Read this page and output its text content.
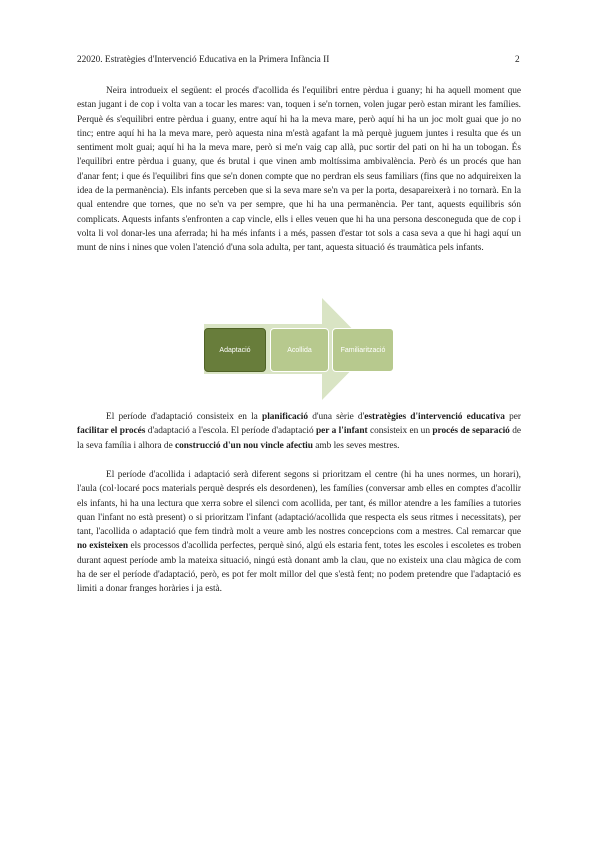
22020. Estratègies d'Intervenció Educativa en la Primera Infància II	2

Neira introdueix el següent: el procés d'acollida és l'equilibri entre pèrdua i guany; hi ha aquell moment que estan jugant i de cop i volta van a tocar les mares: van, toquen i se'n tornen, volen jugar però estan mirant les famílies. Perquè és s'equilibri entre pèrdua i guany, entre aquí hi ha la meva mare, però aquí hi ha un joc molt guai que jo no tinc; entre aquí hi ha la meva mare, però aquesta nina m'està agafant la mà perquè juguem juntes i resulta que és un sentiment molt guai; aquí hi ha la meva mare, però si me'n vaig cap allà, puc sortir del pati on hi ha un tobogan. És l'equilibri entre pèrdua i guany, que és brutal i que vinen amb moltíssima ambivalència. Però és un procés que han d'anar fent; i que és l'equilibri fins que se'n donen compte que no perdran els seus familiars (fins que no adquireixen la idea de la permanència). Els infants perceben que si la seva mare se'n va per la porta, desapareixerà i no tornarà. En la qual entendre que tornes, que no se'n va per sempre, que hi ha una permanència. Per tant, aquests equilibris són complicats. Aquests infants s'enfronten a cap vincle, ells i elles veuen que hi ha una persona desconeguda que de cop i volta li vol donar-les una aferrada; hi ha més infants i a més, passen d'estar tot sols a casa seva a que hi hagi aquí un munt de nins i nines que volen l'atenció d'una sola adulta, per tant, aquesta situació és traumàtica pels infants.

Adaptació	Acollida	Familiarització

El període d'adaptació consisteix en la planificació d'una sèrie d'estratègies d'intervenció educativa per facilitar el procés d'adaptació a l'escola. El període d'adaptació per a l'infant consisteix en un procés de separació de la seva família i alhora de construcció d'un nou vincle afectiu amb les seves mestres.

El període d'acollida i adaptació serà diferent segons si prioritzam el centre (hi ha unes normes, un horari), l'aula (col·locaré pocs materials perquè després els desordenen), les famílies (conversar amb elles en comptes d'acollir els infants, hi ha una lectura que xerra sobre el silenci com acollida, per tant, és millor atendre a les famílies a tutories quan l'infant no està present) o si prioritzam l'infant (adaptació/acollida que respecta els seus ritmes i necessitats), per tant, l'acollida o adaptació que fem tindrà molt a veure amb les nostres concepcions com a mestres. Cal remarcar que no existeixen els processos d'acollida perfectes, perquè sinó, algú els estaria fent, totes les escoles i escoletes es troben durant aquest període amb la mateixa situació, ningú està donant amb la clau, que no existeix una clau màgica de com ha de ser el període d'adaptació, però, es pot fer molt millor del que s'està fent; no podem pretendre que l'adaptació es limiti a donar franges horàries i ja està.
